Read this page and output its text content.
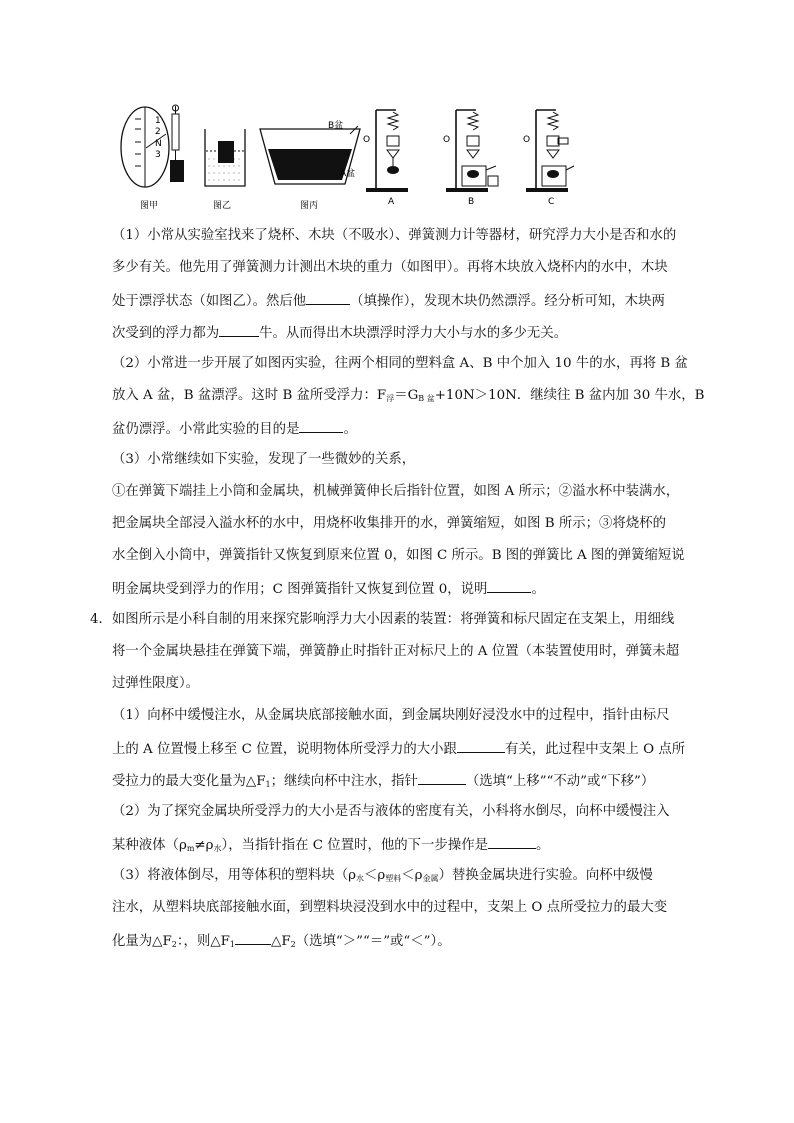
1
2
N
3
图甲	图乙
B盆
A盆
图丙
O
A
O
B
O
C
（1）小常从实验室找来了烧杯、木块（不吸水）、弹簧测力计等器材，研究浮力大小是否和水的
多少有关。他先用了弹簧测力计测出木块的重力（如图甲）。再将木块放入烧杯内的水中，木块
处于漂浮状态（如图乙）。然后他	（填操作），发现木块仍然漂浮。经分析可知，木块两
次受到的浮力都为	牛。从而得出木块漂浮时浮力大小与水的多少无关。
（2）小常进一步开展了如图丙实验，往两个相同的塑料盒 A、B 中个加入 10 牛的水，再将 B 盆
放入 A 盆，B 盆漂浮。这时 B 盆所受浮力：$F_浮=G_{B 盆}+10N>10N$．继续往 B 盆内加 30 牛水，B
盆仍漂浮。小常此实验的目的是	。
（3）小常继续如下实验，发现了一些微妙的关系，
①在弹簧下端挂上小筒和金属块，机械弹簧伸长后指针位置，如图 A 所示；②溢水杯中装满水，
把金属块全部浸入溢水杯的水中，用烧杯收集排开的水，弹簧缩短，如图 B 所示；③将烧杯的
水全倒入小筒中，弹簧指针又恢复到原来位置 0，如图 C 所示。B 图的弹簧比 A 图的弹簧缩短说
明金属块受到浮力的作用；C 图弹簧指针又恢复到位置 0，说明	。
4．如图所示是小科自制的用来探究影响浮力大小因素的装置：将弹簧和标尺固定在支架上，用细线
将一个金属块悬挂在弹簧下端，弹簧静止时指针正对标尺上的 A 位置（本装置使用时，弹簧未超
过弹性限度）。
（1）向杯中缓慢注水，从金属块底部接触水面，到金属块刚好浸没水中的过程中，指针由标尺
上的 A 位置慢上移至 C 位置，说明物体所受浮力的大小跟	有关，此过程中支架上 O 点所
受拉力的最大变化量为$\triangle F_1$；继续向杯中注水，指针	（选填“上移”“不动”或“下移”）
（2）为了探究金属块所受浮力的大小是否与液体的密度有关，小科将水倒尽，向杯中缓慢注入
某种液体$(\rho_m\ne\rho_水)$，当指针指在 C 位置时，他的下一步操作是	。
（3）将液体倒尽，用等体积的塑料块$(\rho_水<\rho_{塑料}<\rho_{金属})$替换金属块进行实验。向杯中级慢
注水，从塑料块底部接触水面，到塑料块浸没到水中的过程中，支架上 O 点所受拉力的最大变
化量为$\triangle F_2$：，则$\triangle F_1$	$\triangle F_2$（选填“＞”“＝”或“＜”）。
